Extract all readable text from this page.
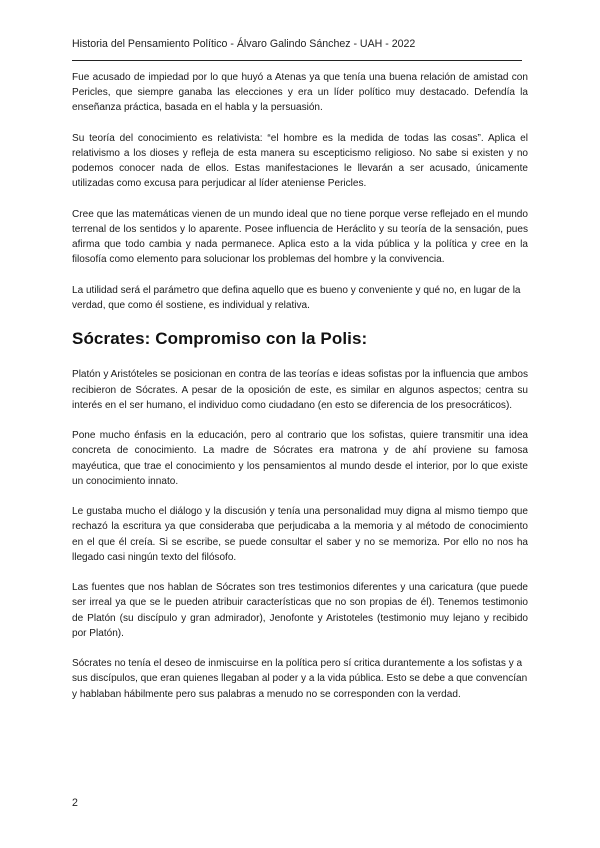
Historia del Pensamiento Político - Álvaro Galindo Sánchez - UAH - 2022

Fue acusado de impiedad por lo que huyó a Atenas ya que tenía una buena relación de amistad con Pericles, que siempre ganaba las elecciones y era un líder político muy destacado. Defendía la enseñanza práctica, basada en el habla y la persuasión.

Su teoría del conocimiento es relativista: “el hombre es la medida de todas las cosas”. Aplica el relativismo a los dioses y refleja de esta manera su escepticismo religioso. No sabe si existen y no podemos conocer nada de ellos. Estas manifestaciones le llevarán a ser acusado, únicamente utilizadas como excusa para perjudicar al líder ateniense Pericles.

Cree que las matemáticas vienen de un mundo ideal que no tiene porque verse reflejado en el mundo terrenal de los sentidos y lo aparente. Posee influencia de Heráclito y su teoría de la sensación, pues afirma que todo cambia y nada permanece. Aplica esto a la vida pública y la política y cree en la filosofía como elemento para solucionar los problemas del hombre y la convivencia.

La utilidad será el parámetro que defina aquello que es bueno y conveniente y qué no, en lugar de la verdad, que como él sostiene, es individual y relativa.

Sócrates: Compromiso con la Polis:

Platón y Aristóteles se posicionan en contra de las teorías e ideas sofistas por la influencia que ambos recibieron de Sócrates. A pesar de la oposición de este, es similar en algunos aspectos; centra su interés en el ser humano, el individuo como ciudadano (en esto se diferencia de los presocráticos).

Pone mucho énfasis en la educación, pero al contrario que los sofistas, quiere transmitir una idea concreta de conocimiento. La madre de Sócrates era matrona y de ahí proviene su famosa mayéutica, que trae el conocimiento y los pensamientos al mundo desde el interior, por lo que existe un conocimiento innato.

Le gustaba mucho el diálogo y la discusión y tenía una personalidad muy digna al mismo tiempo que rechazó la escritura ya que consideraba que perjudicaba a la memoria y al método de conocimiento en el que él creía. Si se escribe, se puede consultar el saber y no se memoriza. Por ello no nos ha llegado casi ningún texto del filósofo.

Las fuentes que nos hablan de Sócrates son tres testimonios diferentes y una caricatura (que puede ser irreal ya que se le pueden atribuir características que no son propias de él). Tenemos testimonio de Platón (su discípulo y gran admirador), Jenofonte y Aristoteles (testimonio muy lejano y recibido por Platón).

Sócrates no tenía el deseo de inmiscuirse en la política pero sí critica durantemente a los sofistas y a sus discípulos, que eran quienes llegaban al poder y a la vida pública. Esto se debe a que convencían y hablaban hábilmente pero sus palabras a menudo no se corresponden con la verdad.

2
